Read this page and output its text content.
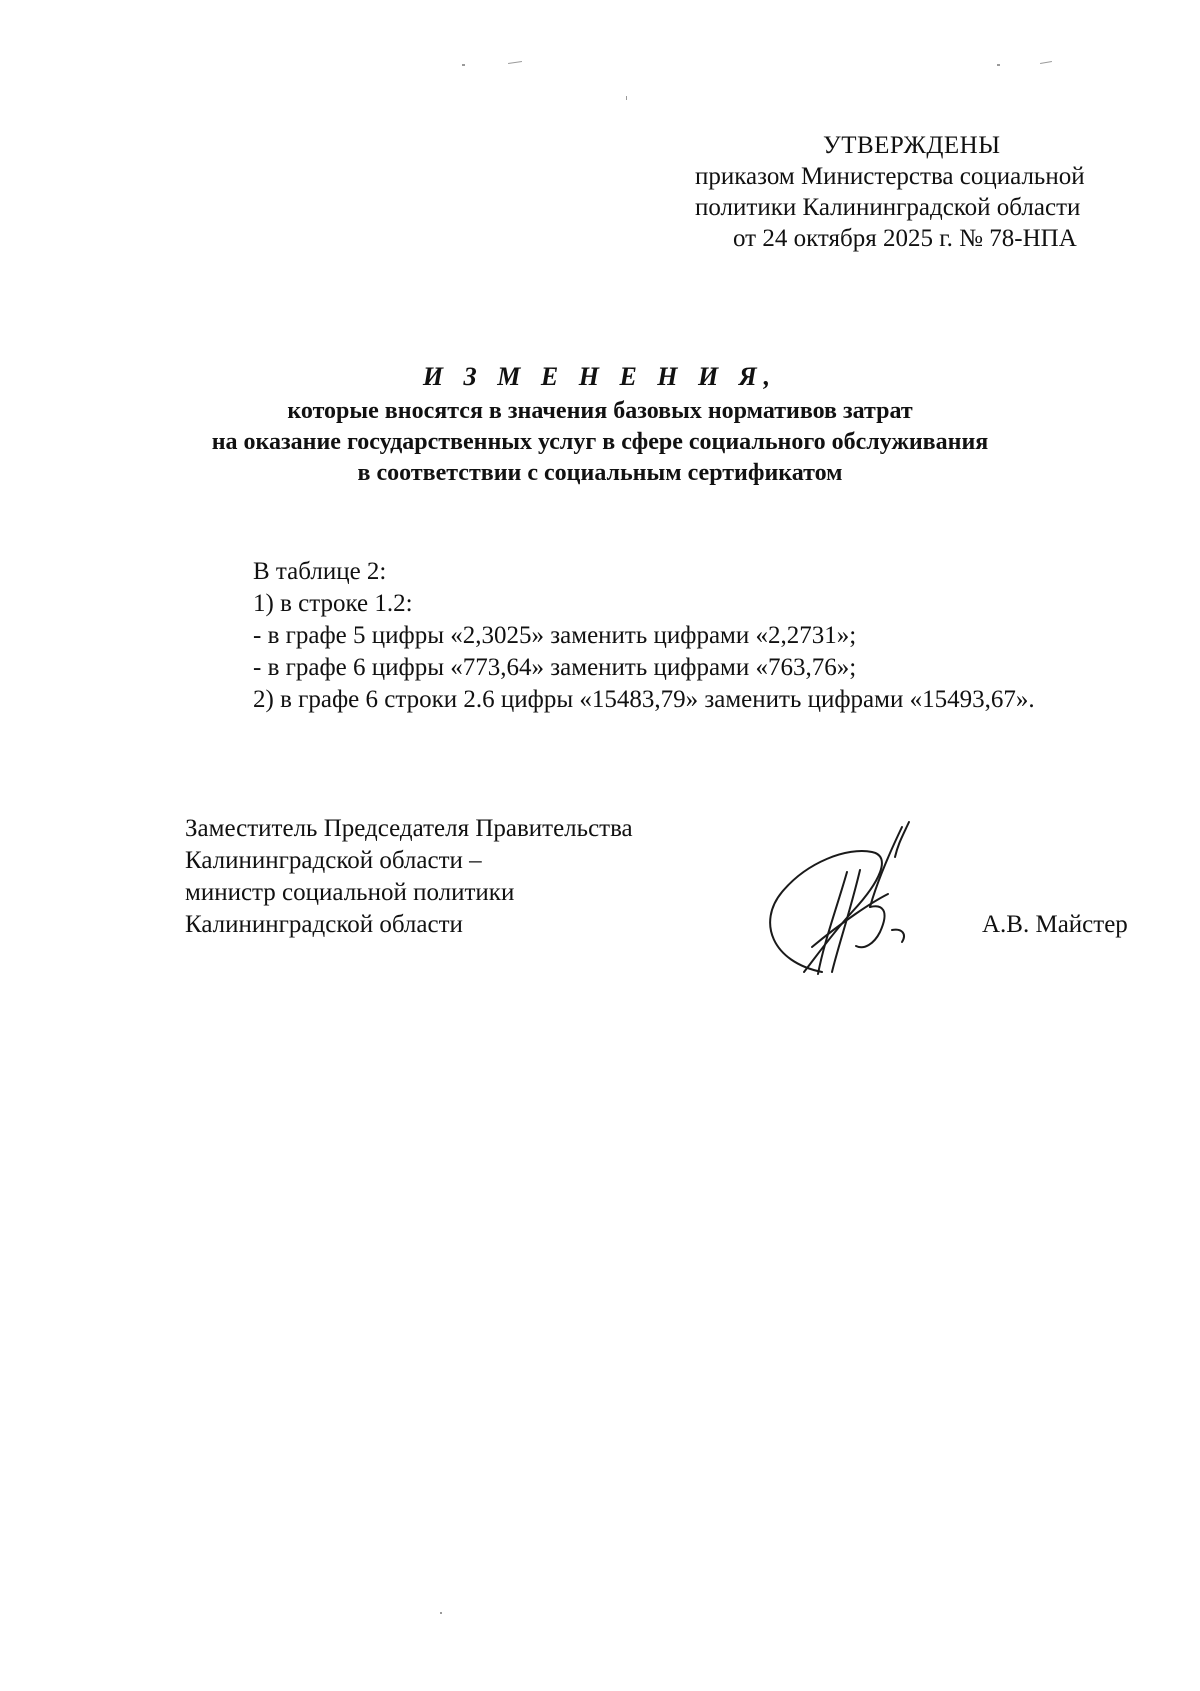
УТВЕРЖДЕНЫ
приказом Министерства социальной
политики Калининградской области
от 24 октября 2025 г. № 78-НПА
И З М Е Н Е Н И Я,
которые вносятся в значения базовых нормативов затрат
на оказание государственных услуг в сфере социального обслуживания
в соответствии с социальным сертификатом
В таблице 2:
1) в строке 1.2:
- в графе 5 цифры «2,3025» заменить цифрами «2,2731»;
- в графе 6 цифры «773,64» заменить цифрами «763,76»;
2) в графе 6 строки 2.6 цифры «15483,79» заменить цифрами «15493,67».
Заместитель Председателя Правительства
Калининградской области –
министр социальной политики
Калининградской области	А.В. Майстер
